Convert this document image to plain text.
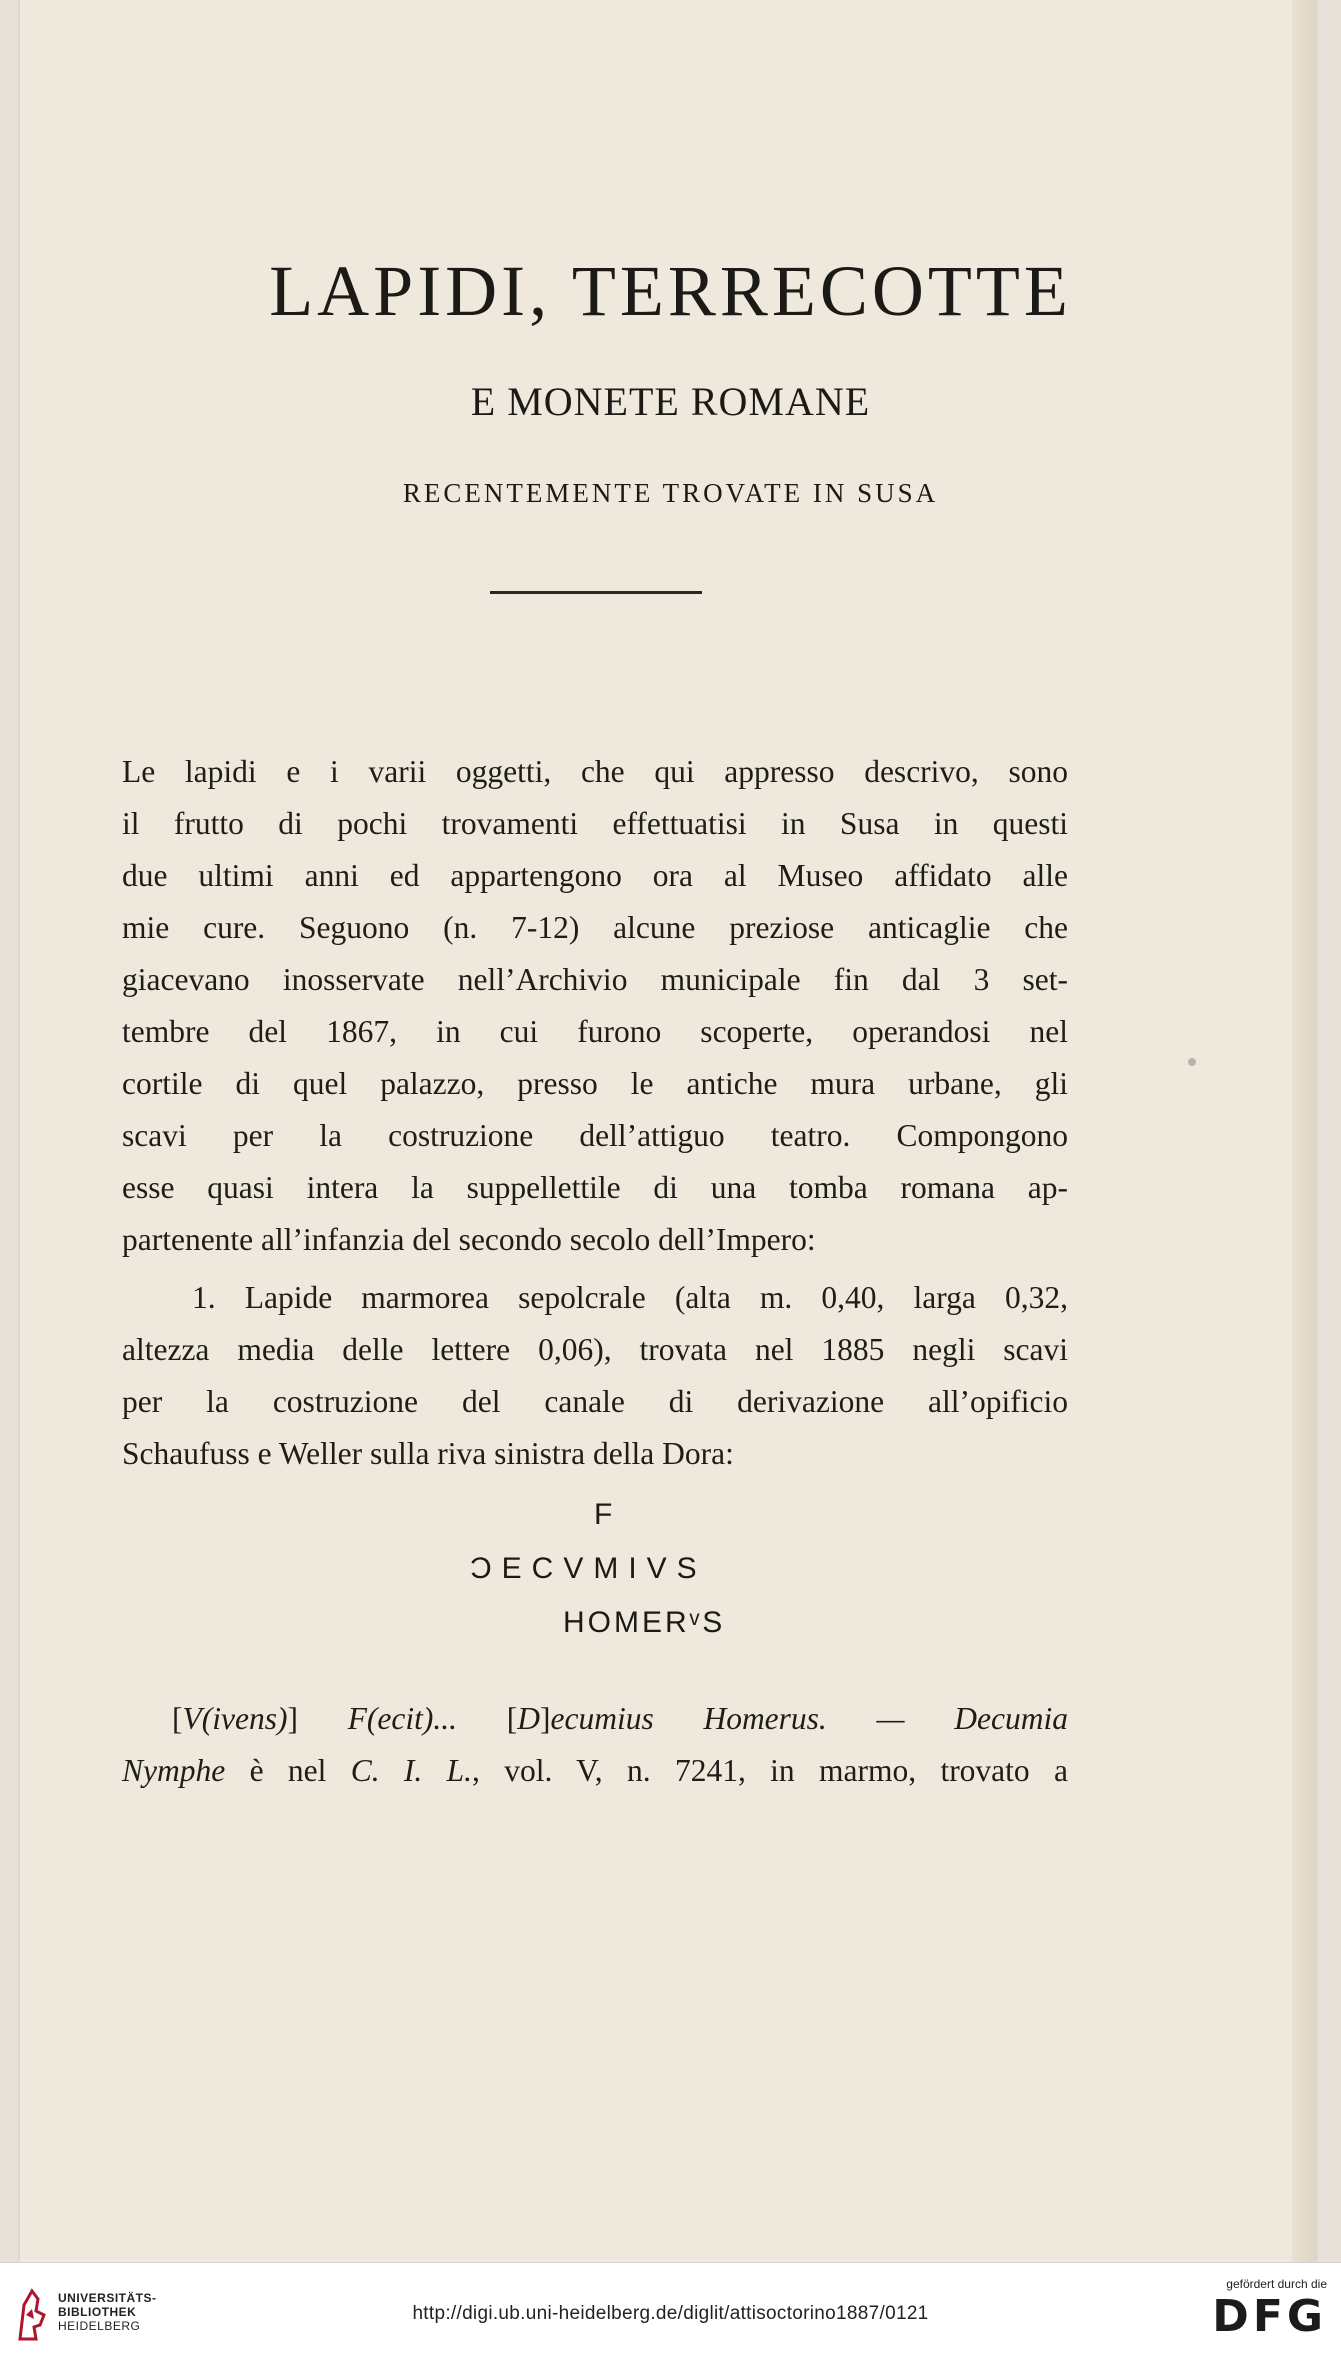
LAPIDI, TERRECOTTE
E MONETE ROMANE
RECENTEMENTE TROVATE IN SUSA

Le lapidi e i varii oggetti, che qui appresso descrivo, sono
il frutto di pochi trovamenti effettuatisi in Susa in questi
due ultimi anni ed appartengono ora al Museo affidato alle
mie cure. Seguono (n. 7-12) alcune preziose anticaglie che
giacevano inosservate nell’Archivio municipale fin dal 3 set-
tembre del 1867, in cui furono scoperte, operandosi nel
cortile di quel palazzo, presso le antiche mura urbane, gli
scavi per la costruzione dell’attiguo teatro. Compongono
esse quasi intera la suppellettile di una tomba romana ap-
partenente all’infanzia del secondo secolo dell’Impero:

1. Lapide marmorea sepolcrale (alta m. 0,40, larga 0,32,
altezza media delle lettere 0,06), trovata nel 1885 negli scavi
per la costruzione del canale di derivazione all’opificio
Schaufuss e Weller sulla riva sinistra della Dora:

F
ƆECVMIVS
HOMERᵛS

[V(ivens)] F(ecit)... [D]ecumius Homerus. — Decumia
Nymphe è nel C. I. L., vol. V, n. 7241, in marmo, trovato a

UNIVERSITÄTS-
BIBLIOTHEK
HEIDELBERG
http://digi.ub.uni-heidelberg.de/diglit/attisoctorino1887/0121
gefördert durch die
DFG
